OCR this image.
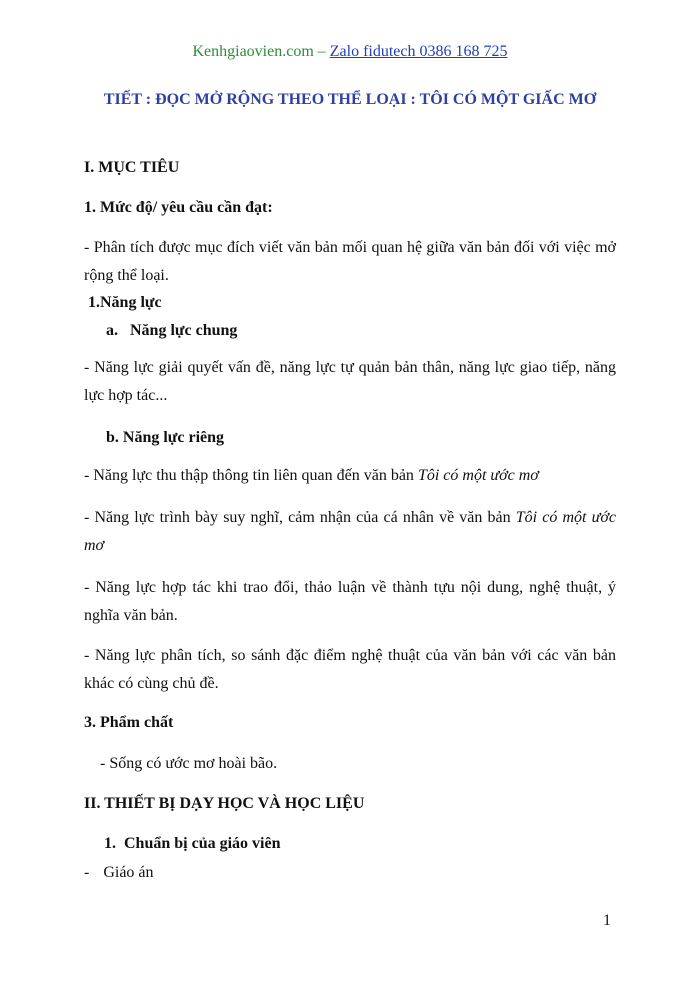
Kenhgiaovien.com – Zalo fidutech 0386 168 725
TIẾT : ĐỌC MỞ RỘNG THEO THỂ LOẠI : TÔI CÓ MỘT GIẤC MƠ
I. MỤC TIÊU
1. Mức độ/ yêu cầu cần đạt:
- Phân tích được mục đích viết văn bản mối quan hệ giữa văn bản đối với việc mở rộng thể loại.
1.Năng lực
a. Năng lực chung
- Năng lực giải quyết vấn đề, năng lực tự quản bản thân, năng lực giao tiếp, năng lực hợp tác...
b. Năng lực riêng
- Năng lực thu thập thông tin liên quan đến văn bản Tôi có một ước mơ
- Năng lực trình bày suy nghĩ, cảm nhận của cá nhân về văn bản Tôi có một ước mơ
- Năng lực hợp tác khi trao đổi, thảo luận về thành tựu nội dung, nghệ thuật, ý nghĩa văn bản.
- Năng lực phân tích, so sánh đặc điểm nghệ thuật của văn bản với các văn bản khác có cùng chủ đề.
3. Phẩm chất
- Sống có ước mơ hoài bão.
II. THIẾT BỊ DẠY HỌC VÀ HỌC LIỆU
1. Chuẩn bị của giáo viên
- Giáo án
1
